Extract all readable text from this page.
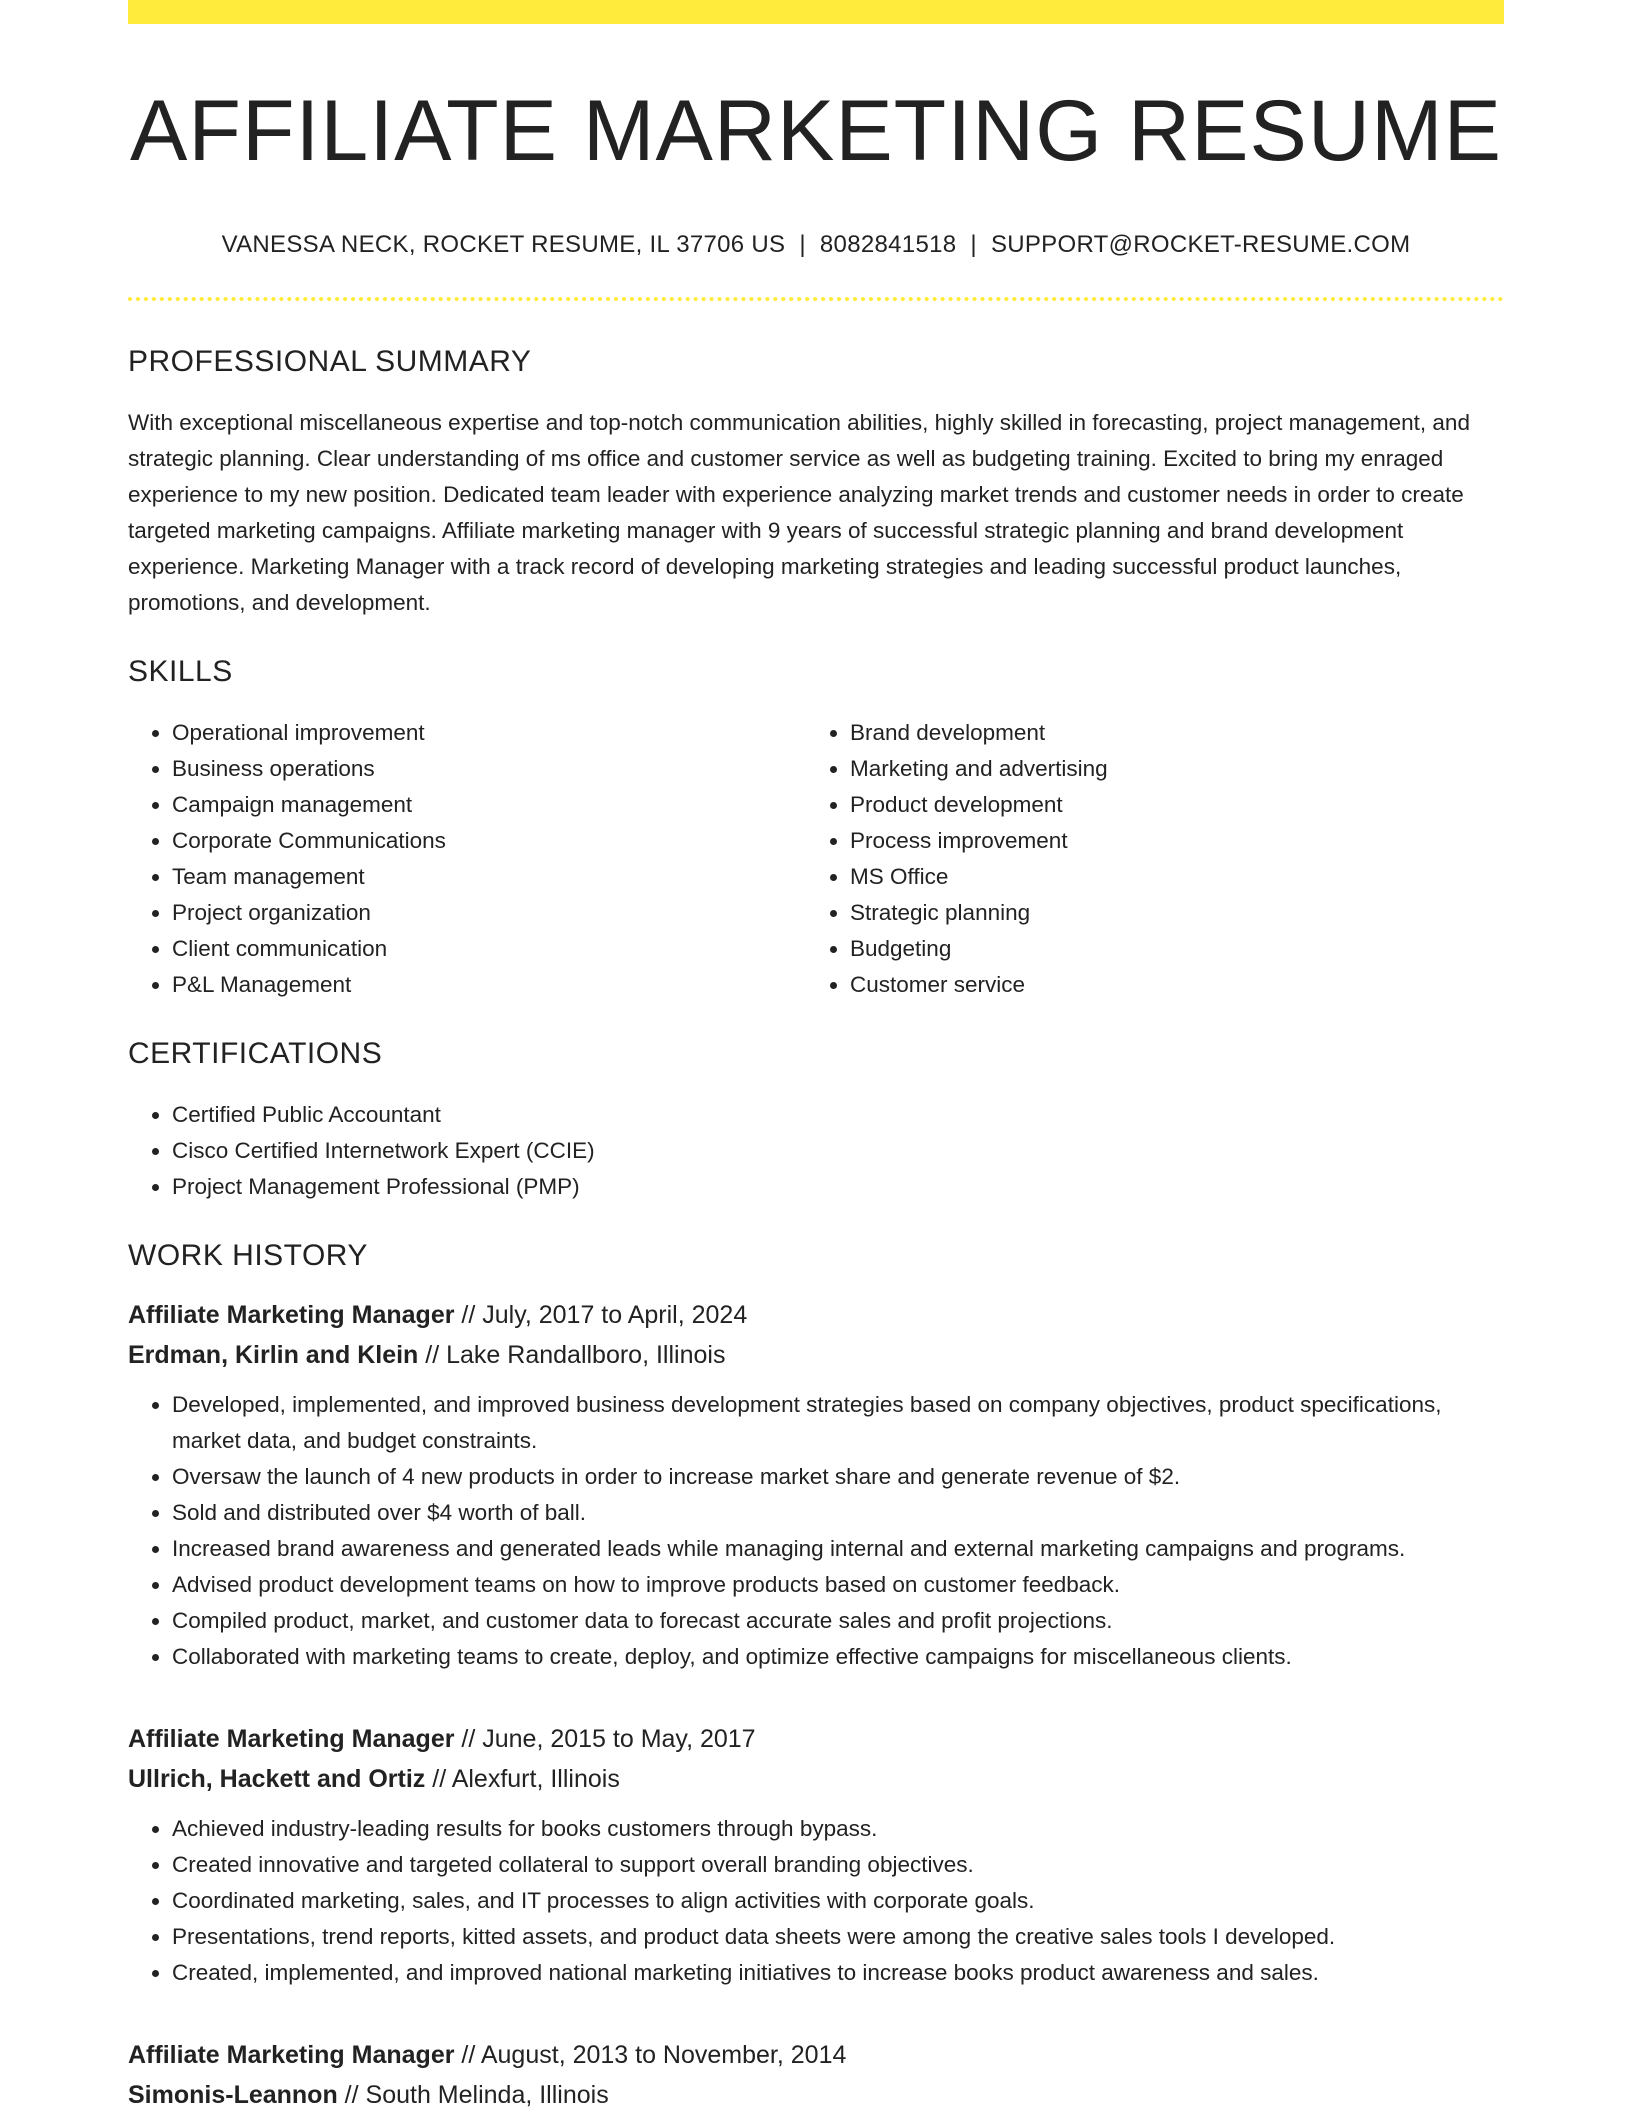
AFFILIATE MARKETING RESUME
VANESSA NECK, ROCKET RESUME, IL 37706 US | 8082841518 | SUPPORT@ROCKET-RESUME.COM
PROFESSIONAL SUMMARY
With exceptional miscellaneous expertise and top-notch communication abilities, highly skilled in forecasting, project management, and strategic planning. Clear understanding of ms office and customer service as well as budgeting training. Excited to bring my enraged experience to my new position. Dedicated team leader with experience analyzing market trends and customer needs in order to create targeted marketing campaigns. Affiliate marketing manager with 9 years of successful strategic planning and brand development experience. Marketing Manager with a track record of developing marketing strategies and leading successful product launches, promotions, and development.
SKILLS
• Operational improvement
• Business operations
• Campaign management
• Corporate Communications
• Team management
• Project organization
• Client communication
• P&L Management
• Brand development
• Marketing and advertising
• Product development
• Process improvement
• MS Office
• Strategic planning
• Budgeting
• Customer service
CERTIFICATIONS
• Certified Public Accountant
• Cisco Certified Internetwork Expert (CCIE)
• Project Management Professional (PMP)
WORK HISTORY
Affiliate Marketing Manager // July, 2017 to April, 2024
Erdman, Kirlin and Klein // Lake Randallboro, Illinois
• Developed, implemented, and improved business development strategies based on company objectives, product specifications, market data, and budget constraints.
• Oversaw the launch of 4 new products in order to increase market share and generate revenue of $2.
• Sold and distributed over $4 worth of ball.
• Increased brand awareness and generated leads while managing internal and external marketing campaigns and programs.
• Advised product development teams on how to improve products based on customer feedback.
• Compiled product, market, and customer data to forecast accurate sales and profit projections.
• Collaborated with marketing teams to create, deploy, and optimize effective campaigns for miscellaneous clients.
Affiliate Marketing Manager // June, 2015 to May, 2017
Ullrich, Hackett and Ortiz // Alexfurt, Illinois
• Achieved industry-leading results for books customers through bypass.
• Created innovative and targeted collateral to support overall branding objectives.
• Coordinated marketing, sales, and IT processes to align activities with corporate goals.
• Presentations, trend reports, kitted assets, and product data sheets were among the creative sales tools I developed.
• Created, implemented, and improved national marketing initiatives to increase books product awareness and sales.
Affiliate Marketing Manager // August, 2013 to November, 2014
Simonis-Leannon // South Melinda, Illinois
